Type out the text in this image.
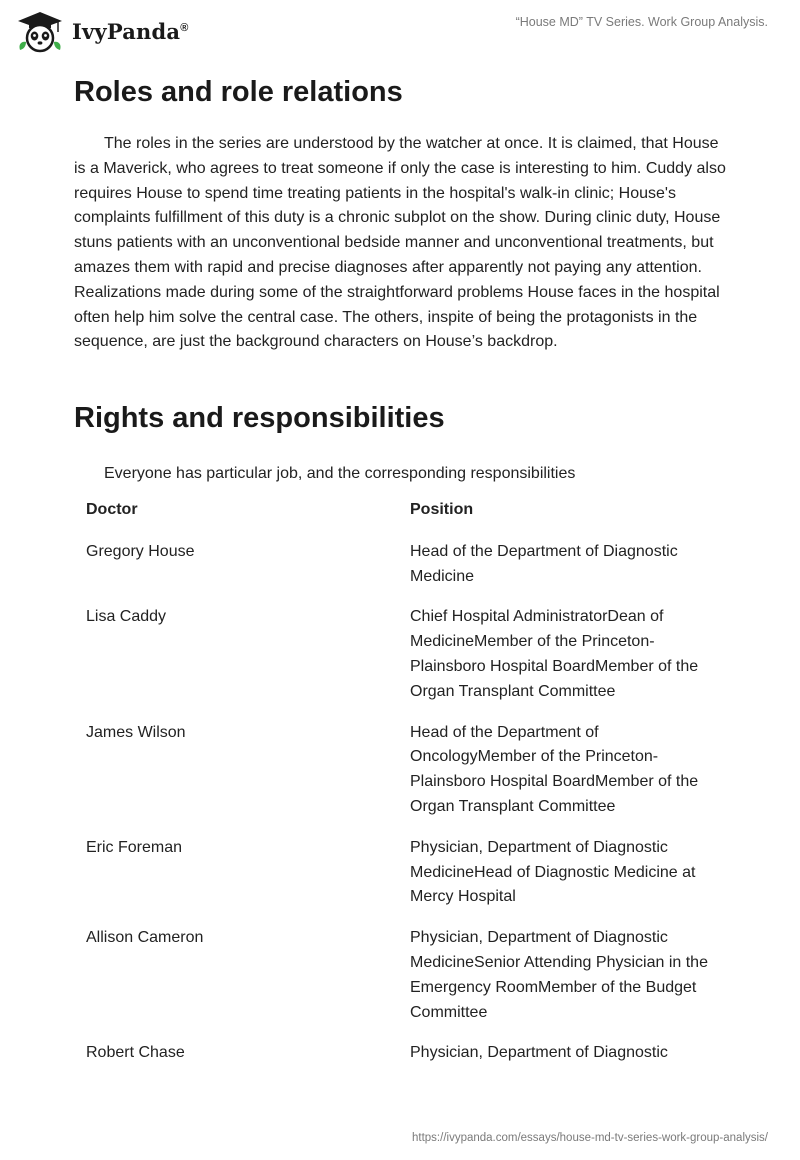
IvyPanda®	“House MD” TV Series. Work Group Analysis.
Roles and role relations

The roles in the series are understood by the watcher at once. It is claimed, that House is a Maverick, who agrees to treat someone if only the case is interesting to him. Cuddy also requires House to spend time treating patients in the hospital's walk-in clinic; House's complaints fulfillment of this duty is a chronic subplot on the show. During clinic duty, House stuns patients with an unconventional bedside manner and unconventional treatments, but amazes them with rapid and precise diagnoses after apparently not paying any attention. Realizations made during some of the straightforward problems House faces in the hospital often help him solve the central case. The others, inspite of being the protagonists in the sequence, are just the background characters on House’s backdrop.

Rights and responsibilities

Everyone has particular job, and the corresponding responsibilities

Doctor	Position
Gregory House	Head of the Department of Diagnostic Medicine
Lisa Caddy	Chief Hospital AdministratorDean of MedicineMember of the Princeton-Plainsboro Hospital BoardMember of the Organ Transplant Committee
James Wilson	Head of the Department of OncologyMember of the Princeton-Plainsboro Hospital BoardMember of the Organ Transplant Committee
Eric Foreman	Physician, Department of Diagnostic MedicineHead of Diagnostic Medicine at Mercy Hospital
Allison Cameron	Physician, Department of Diagnostic MedicineSenior Attending Physician in the Emergency RoomMember of the Budget Committee
Robert Chase	Physician, Department of Diagnostic
https://ivypanda.com/essays/house-md-tv-series-work-group-analysis/
